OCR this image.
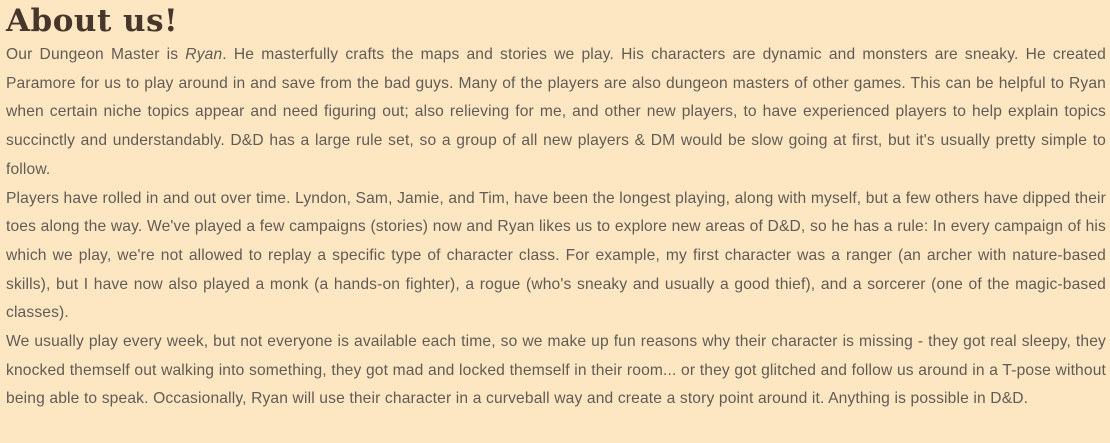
About us!

Our Dungeon Master is Ryan. He masterfully crafts the maps and stories we play. His characters are dynamic and monsters are sneaky. He created Paramore for us to play around in and save from the bad guys. Many of the players are also dungeon masters of other games. This can be helpful to Ryan when certain niche topics appear and need figuring out; also relieving for me, and other new players, to have experienced players to help explain topics succinctly and understandably. D&D has a large rule set, so a group of all new players & DM would be slow going at first, but it's usually pretty simple to follow.

Players have rolled in and out over time. Lyndon, Sam, Jamie, and Tim, have been the longest playing, along with myself, but a few others have dipped their toes along the way. We've played a few campaigns (stories) now and Ryan likes us to explore new areas of D&D, so he has a rule: In every campaign of his which we play, we're not allowed to replay a specific type of character class. For example, my first character was a ranger (an archer with nature-based skills), but I have now also played a monk (a hands-on fighter), a rogue (who's sneaky and usually a good thief), and a sorcerer (one of the magic-based classes).

We usually play every week, but not everyone is available each time, so we make up fun reasons why their character is missing - they got real sleepy, they knocked themself out walking into something, they got mad and locked themself in their room... or they got glitched and follow us around in a T-pose without being able to speak. Occasionally, Ryan will use their character in a curveball way and create a story point around it. Anything is possible in D&D.
